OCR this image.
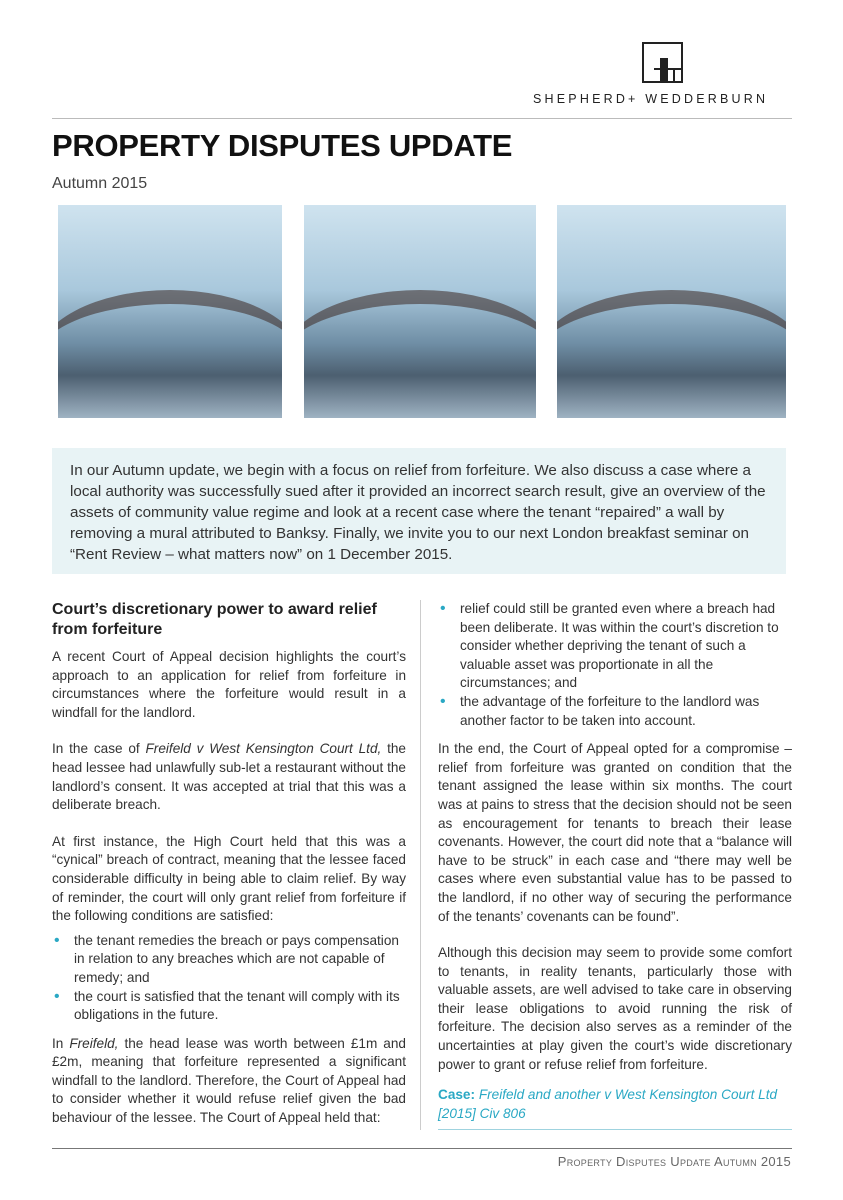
SHEPHERD+ WEDDERBURN
PROPERTY DISPUTES UPDATE
Autumn 2015
In our Autumn update, we begin with a focus on relief from forfeiture. We also discuss a case where a local authority was successfully sued after it provided an incorrect search result, give an overview of the assets of community value regime and look at a recent case where the tenant “repaired” a wall by removing a mural attributed to Banksy. Finally, we invite you to our next London breakfast seminar on “Rent Review – what matters now” on 1 December 2015.
Court’s discretionary power to award relief from forfeiture

A recent Court of Appeal decision highlights the court’s approach to an application for relief from forfeiture in circumstances where the forfeiture would result in a windfall for the landlord.

In the case of Freifeld v West Kensington Court Ltd, the head lessee had unlawfully sub-let a restaurant without the landlord’s consent. It was accepted at trial that this was a deliberate breach.

At first instance, the High Court held that this was a “cynical” breach of contract, meaning that the lessee faced considerable difficulty in being able to claim relief. By way of reminder, the court will only grant relief from forfeiture if the following conditions are satisfied:

• the tenant remedies the breach or pays compensation in relation to any breaches which are not capable of remedy; and
• the court is satisfied that the tenant will comply with its obligations in the future.

In Freifeld, the head lease was worth between £1m and £2m, meaning that forfeiture represented a significant windfall to the landlord. Therefore, the Court of Appeal had to consider whether it would refuse relief given the bad behaviour of the lessee. The Court of Appeal held that:

• relief could still be granted even where a breach had been deliberate. It was within the court’s discretion to consider whether depriving the tenant of such a valuable asset was proportionate in all the circumstances; and
• the advantage of the forfeiture to the landlord was another factor to be taken into account.

In the end, the Court of Appeal opted for a compromise – relief from forfeiture was granted on condition that the tenant assigned the lease within six months. The court was at pains to stress that the decision should not be seen as encouragement for tenants to breach their lease covenants. However, the court did note that a “balance will have to be struck” in each case and “there may well be cases where even substantial value has to be passed to the landlord, if no other way of securing the performance of the tenants’ covenants can be found”.

Although this decision may seem to provide some comfort to tenants, in reality tenants, particularly those with valuable assets, are well advised to take care in observing their lease obligations to avoid running the risk of forfeiture. The decision also serves as a reminder of the uncertainties at play given the court’s wide discretionary power to grant or refuse relief from forfeiture.

Case: Freifeld and another v West Kensington Court Ltd [2015] Civ 806
Property Disputes Update Autumn 2015
